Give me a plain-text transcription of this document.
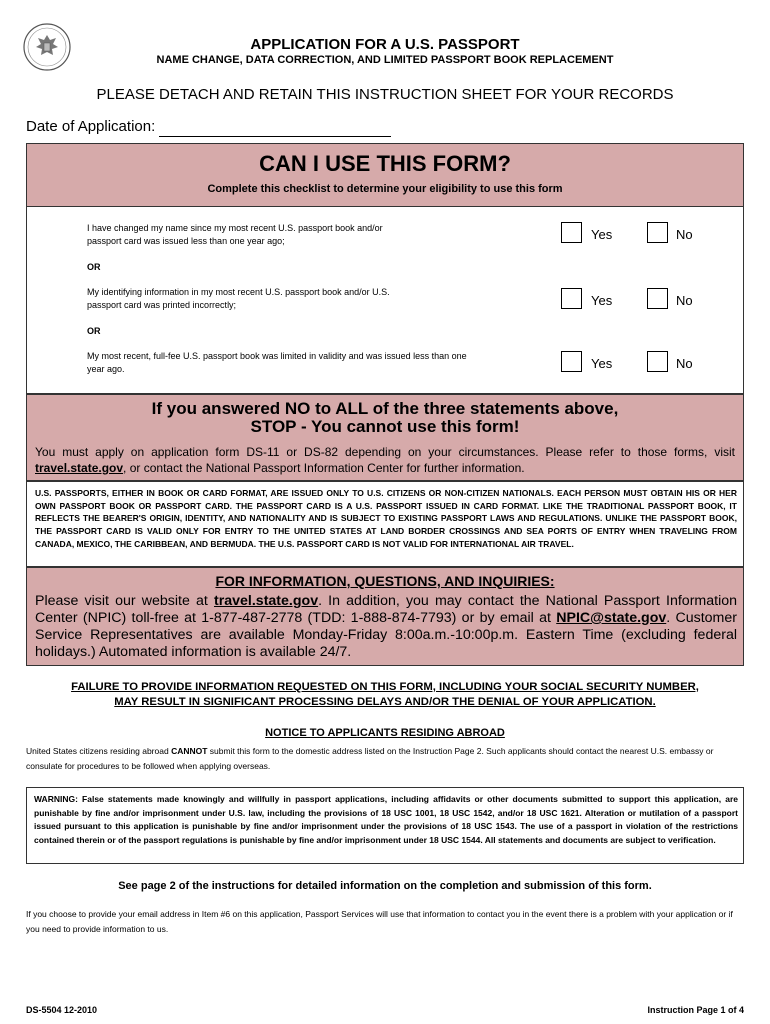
APPLICATION FOR A U.S. PASSPORT
NAME CHANGE, DATA CORRECTION, AND LIMITED PASSPORT BOOK REPLACEMENT
PLEASE DETACH AND RETAIN THIS INSTRUCTION SHEET FOR YOUR RECORDS
Date of Application:
CAN I USE THIS FORM?
Complete this checklist to determine your eligibility to use this form
I have changed my name since my most recent U.S. passport book and/or passport card was issued less than one year ago;	Yes	No
OR
My identifying information in my most recent U.S. passport book and/or U.S. passport card was printed incorrectly;	Yes	No
OR
My most recent, full-fee U.S. passport book was limited in validity and was issued less than one year ago.	Yes	No
If you answered NO to ALL of the three statements above,
STOP - You cannot use this form!
You must apply on application form DS-11 or DS-82 depending on your circumstances. Please refer to those forms, visit travel.state.gov, or contact the National Passport Information Center for further information.
U.S. PASSPORTS, EITHER IN BOOK OR CARD FORMAT, ARE ISSUED ONLY TO U.S. CITIZENS OR NON-CITIZEN NATIONALS. EACH PERSON MUST OBTAIN HIS OR HER OWN PASSPORT BOOK OR PASSPORT CARD. THE PASSPORT CARD IS A U.S. PASSPORT ISSUED IN CARD FORMAT. LIKE THE TRADITIONAL PASSPORT BOOK, IT REFLECTS THE BEARER'S ORIGIN, IDENTITY, AND NATIONALITY AND IS SUBJECT TO EXISTING PASSPORT LAWS AND REGULATIONS. UNLIKE THE PASSPORT BOOK, THE PASSPORT CARD IS VALID ONLY FOR ENTRY TO THE UNITED STATES AT LAND BORDER CROSSINGS AND SEA PORTS OF ENTRY WHEN TRAVELING FROM CANADA, MEXICO, THE CARIBBEAN, AND BERMUDA. THE U.S. PASSPORT CARD IS NOT VALID FOR INTERNATIONAL AIR TRAVEL.
FOR INFORMATION, QUESTIONS, AND INQUIRIES:
Please visit our website at travel.state.gov. In addition, you may contact the National Passport Information Center (NPIC) toll-free at 1-877-487-2778 (TDD: 1-888-874-7793) or by email at NPIC@state.gov. Customer Service Representatives are available Monday-Friday 8:00a.m.-10:00p.m. Eastern Time (excluding federal holidays.) Automated information is available 24/7.
FAILURE TO PROVIDE INFORMATION REQUESTED ON THIS FORM, INCLUDING YOUR SOCIAL SECURITY NUMBER,
MAY RESULT IN SIGNIFICANT PROCESSING DELAYS AND/OR THE DENIAL OF YOUR APPLICATION.
NOTICE TO APPLICANTS RESIDING ABROAD
United States citizens residing abroad CANNOT submit this form to the domestic address listed on the Instruction Page 2. Such applicants should contact the nearest U.S. embassy or consulate for procedures to be followed when applying overseas.
WARNING: False statements made knowingly and willfully in passport applications, including affidavits or other documents submitted to support this application, are punishable by fine and/or imprisonment under U.S. law, including the provisions of 18 USC 1001, 18 USC 1542, and/or 18 USC 1621. Alteration or mutilation of a passport issued pursuant to this application is punishable by fine and/or imprisonment under the provisions of 18 USC 1543. The use of a passport in violation of the restrictions contained therein or of the passport regulations is punishable by fine and/or imprisonment under 18 USC 1544. All statements and documents are subject to verification.
See page 2 of the instructions for detailed information on the completion and submission of this form.
If you choose to provide your email address in Item #6 on this application, Passport Services will use that information to contact you in the event there is a problem with your application or if you need to provide information to us.
DS-5504 12-2010	Instruction Page 1 of 4
